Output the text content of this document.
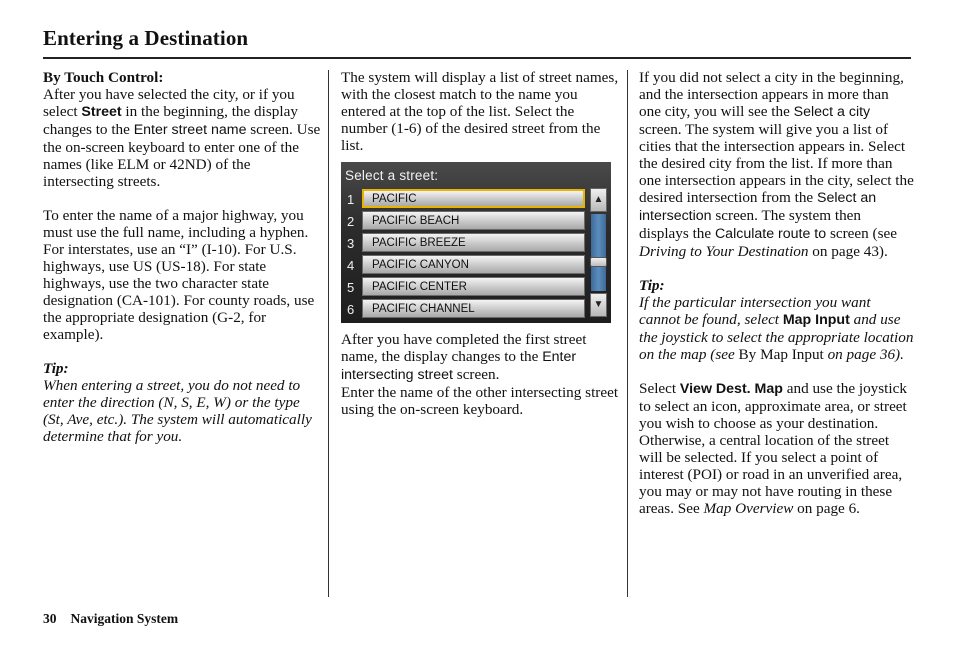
Entering a Destination

By Touch Control:

After you have selected the city, or if you select Street in the beginning, the display changes to the Enter street name screen. Use the on-screen keyboard to enter one of the names (like ELM or 42ND) of the intersecting streets.

To enter the name of a major highway, you must use the full name, including a hyphen. For interstates, use an “I” (I-10). For U.S. highways, use US (US-18). For state highways, use the two character state designation (CA-101). For county roads, use the appropriate designation (G-2, for example).

Tip:

When entering a street, you do not need to enter the direction (N, S, E, W) or the type (St, Ave, etc.). The system will automatically determine that for you.

The system will display a list of street names, with the closest match to the name you entered at the top of the list. Select the number (1-6) of the desired street from the list.

Select a street:
1	PACIFIC
2	PACIFIC BEACH
3	PACIFIC BREEZE
4	PACIFIC CANYON
5	PACIFIC CENTER
6	PACIFIC CHANNEL
▲
▼

After you have completed the first street name, the display changes to the Enter intersecting street screen.

Enter the name of the other intersecting street using the on-screen keyboard.

If you did not select a city in the beginning, and the intersection appears in more than one city, you will see the Select a city screen. The system will give you a list of cities that the intersection appears in. Select the desired city from the list. If more than one intersection appears in the city, select the desired intersection from the Select an intersection screen. The system then displays the Calculate route to screen (see Driving to Your Destination on page 43).

Tip:

If the particular intersection you want cannot be found, select Map Input and use the joystick to select the appropriate location on the map (see By Map Input on page 36).

Select View Dest. Map and use the joystick to select an icon, approximate area, or street you wish to choose as your destination. Otherwise, a central location of the street will be selected. If you select a point of interest (POI) or road in an unverified area, you may or may not have routing in these areas. See Map Overview on page 6.

30 Navigation System
